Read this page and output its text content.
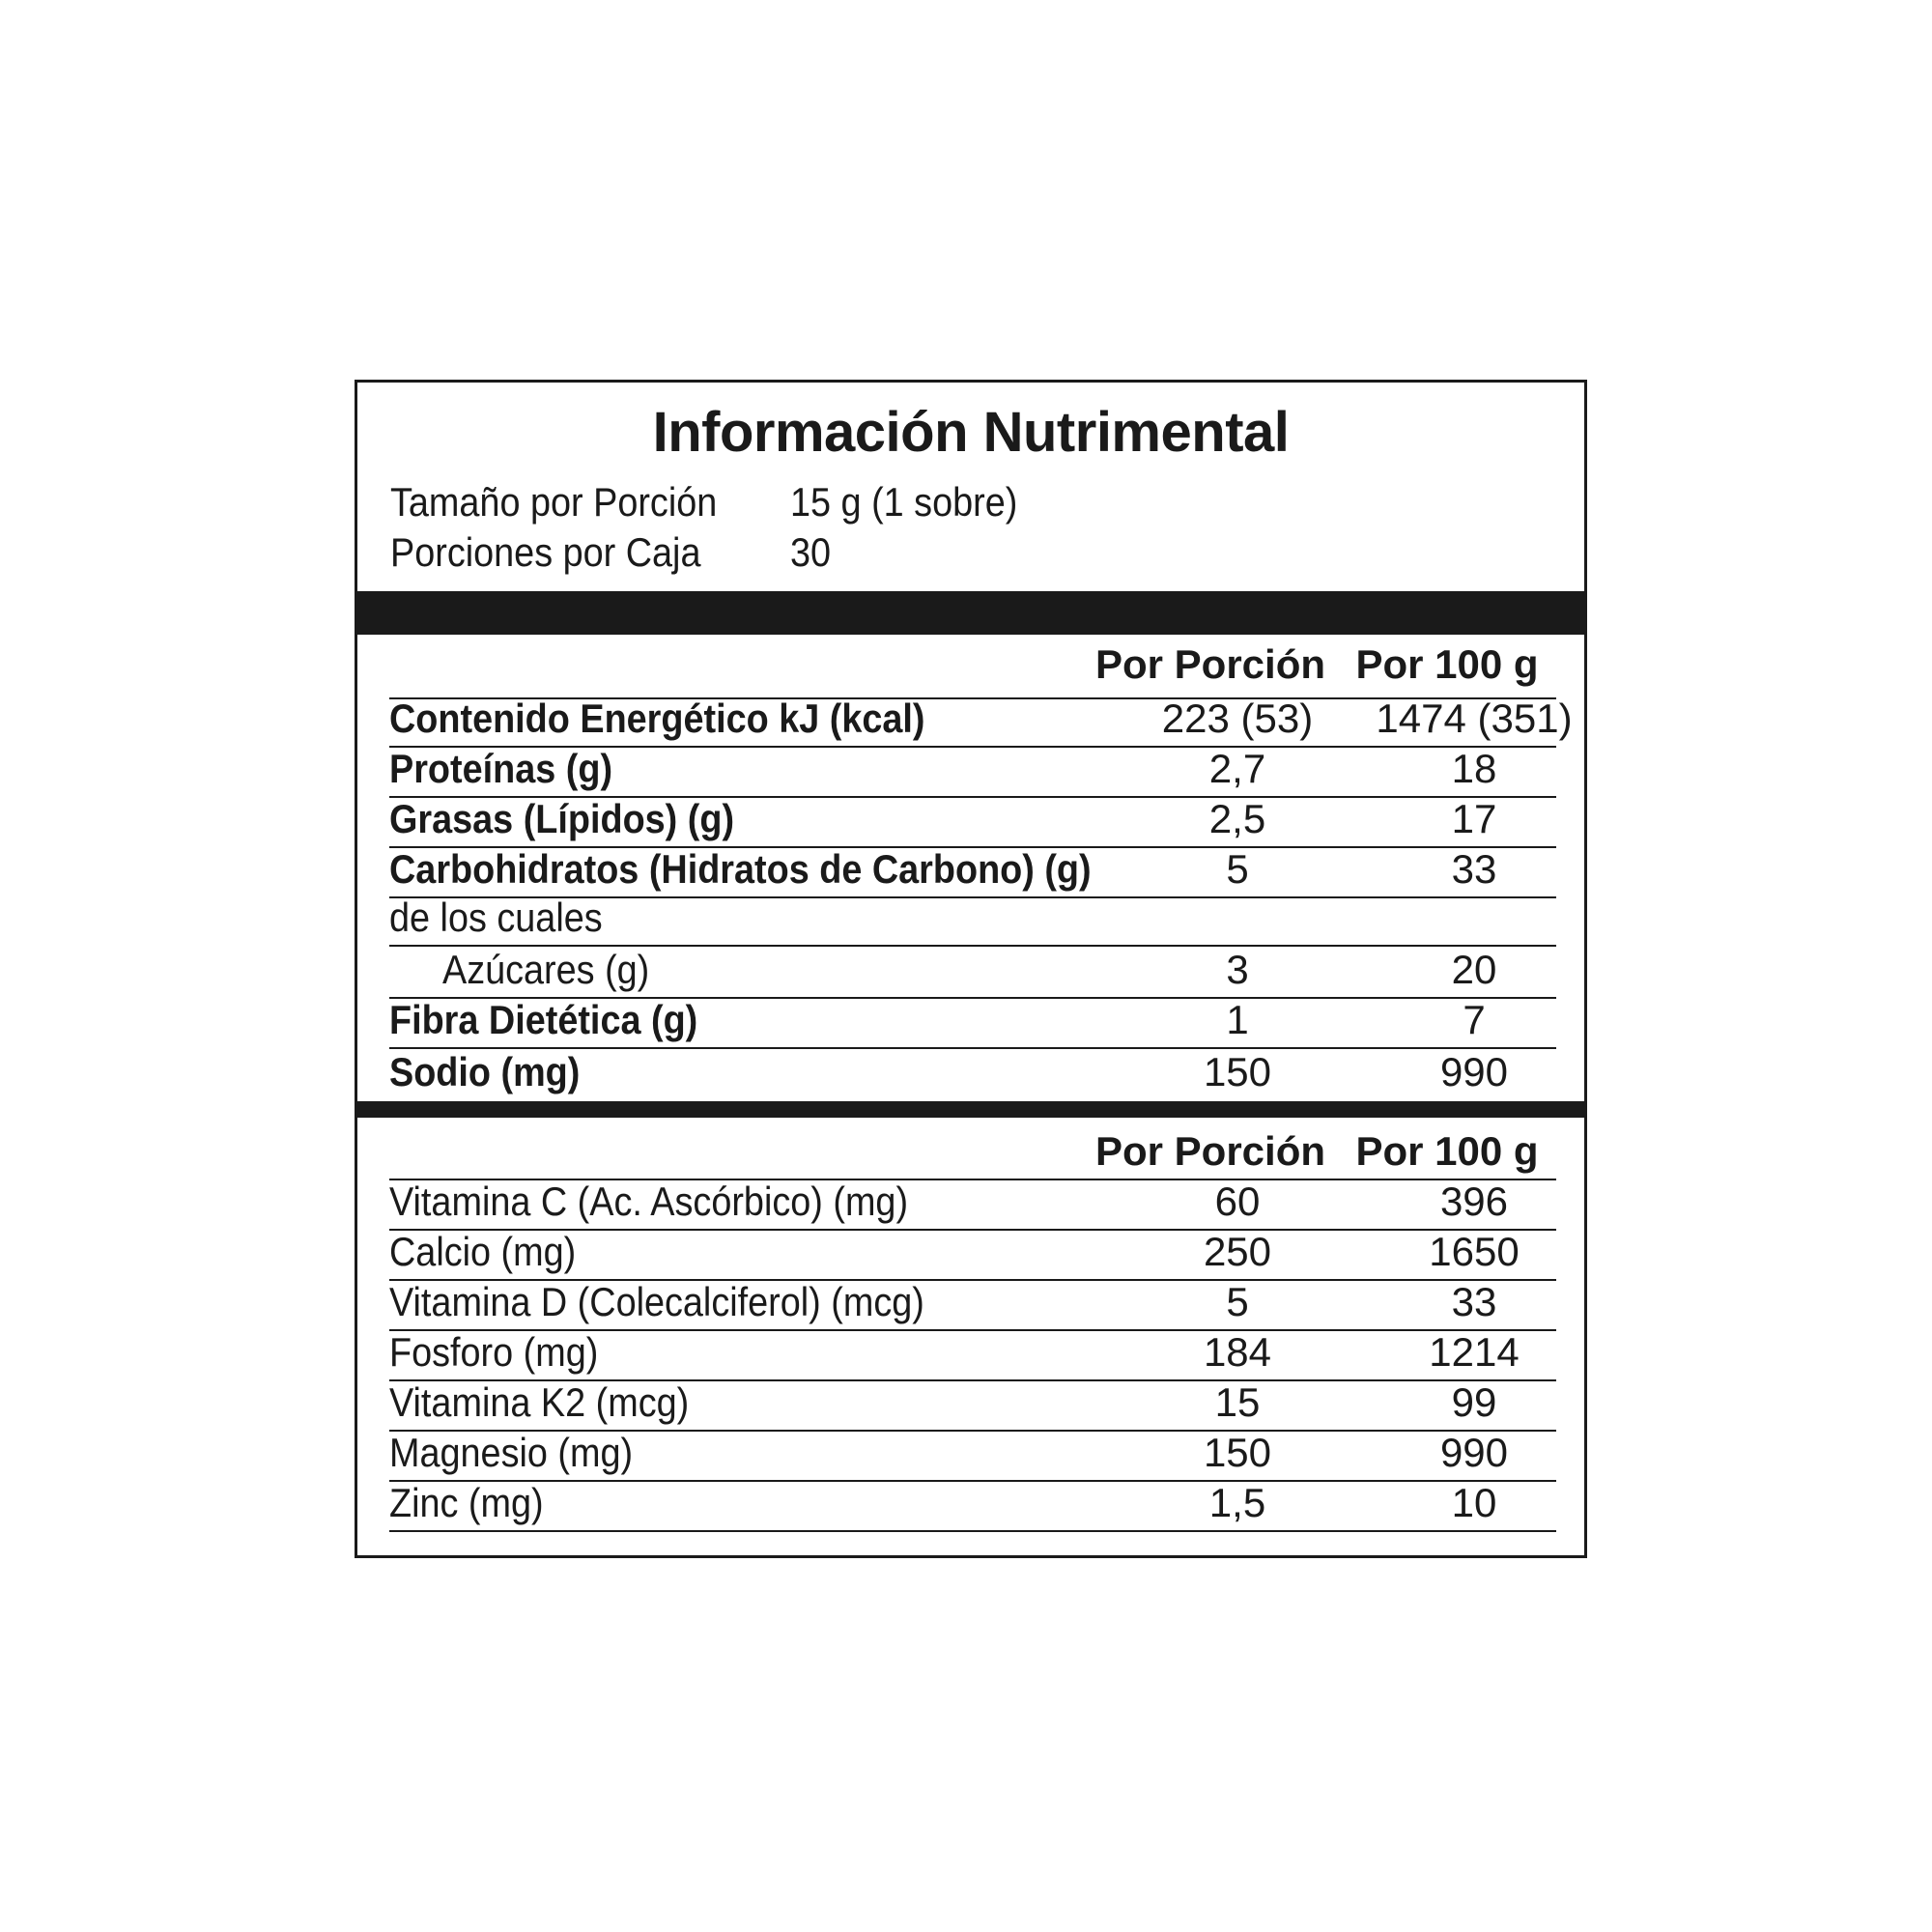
Información Nutrimental
Tamaño por Porción 15 g (1 sobre)
Porciones por Caja 30
Por Porción Por 100 g
Contenido Energético kJ (kcal)	223 (53)	1474 (351)
Proteínas (g)	2,7	18
Grasas (Lípidos) (g)	2,5	17
Carbohidratos (Hidratos de Carbono) (g)	5	33
de los cuales
Azúcares (g)	3	20
Fibra Dietética (g)	1	7
Sodio (mg)	150	990
Por Porción Por 100 g
Vitamina C (Ac. Ascórbico) (mg)	60	396
Calcio (mg)	250	1650
Vitamina D (Colecalciferol) (mcg)	5	33
Fosforo (mg)	184	1214
Vitamina K2 (mcg)	15	99
Magnesio (mg)	150	990
Zinc (mg)	1,5	10
